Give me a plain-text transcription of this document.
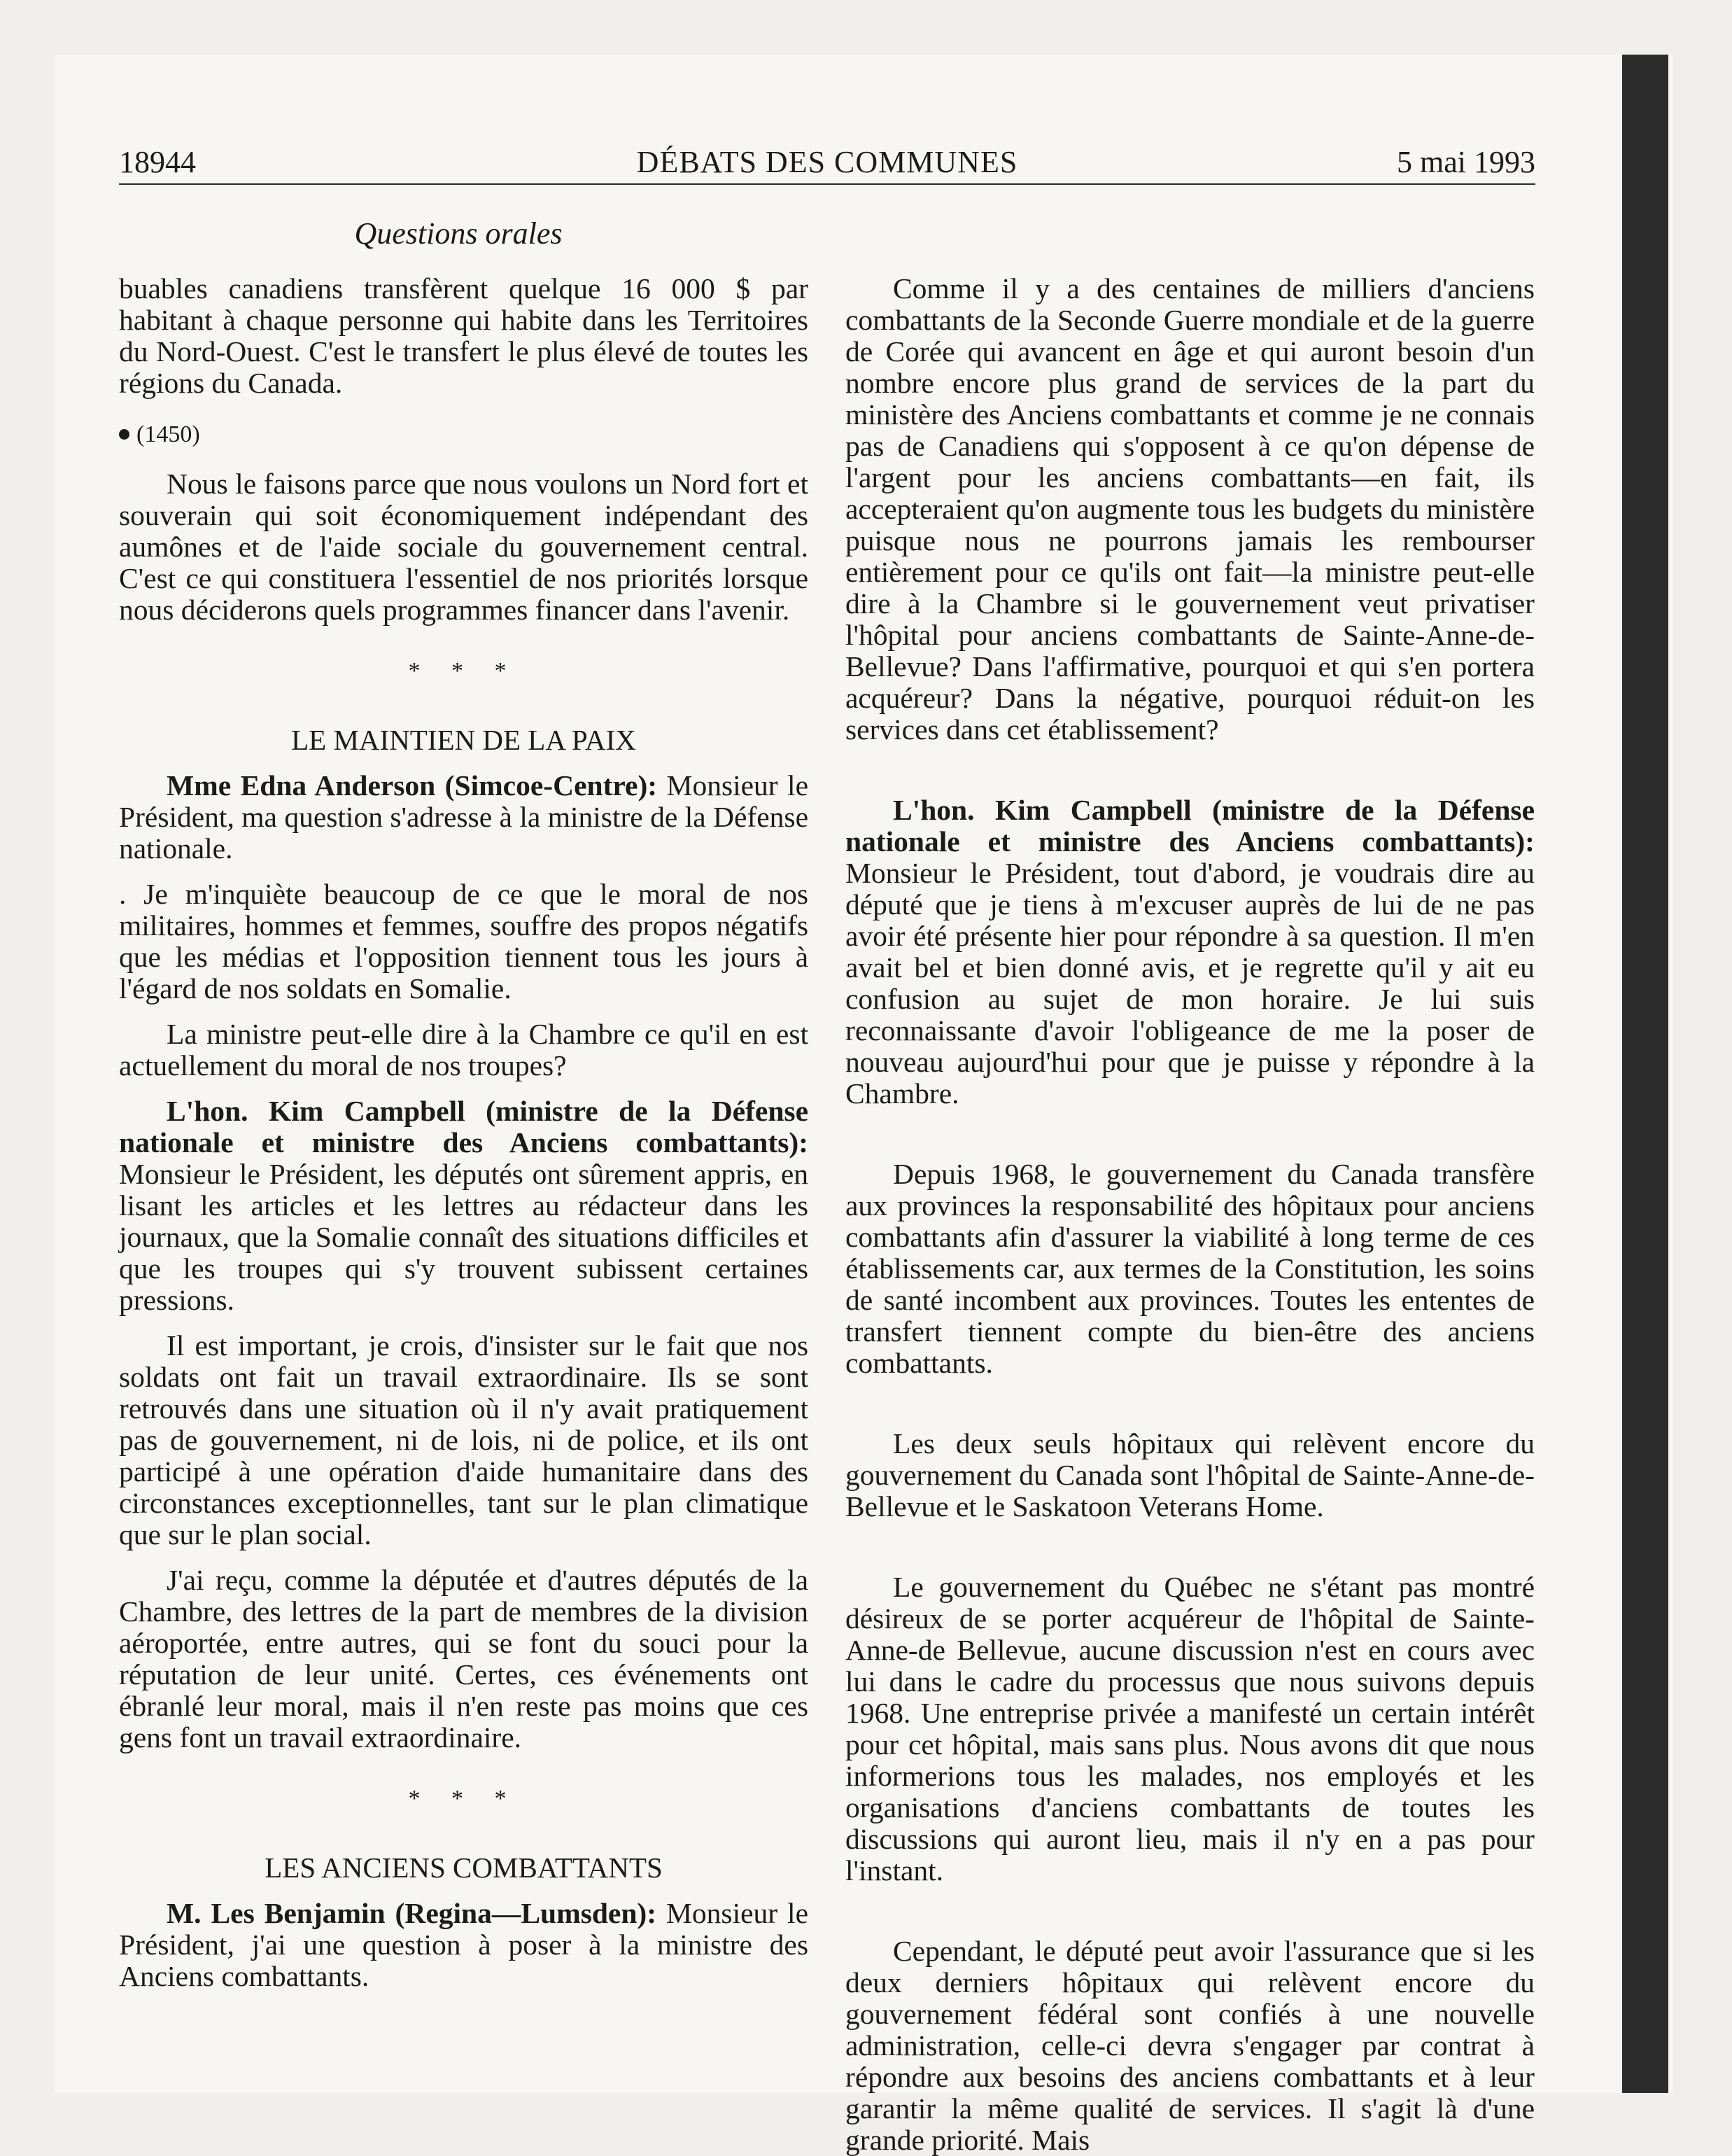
18944	DÉBATS DES COMMUNES	5 mai 1993
Questions orales

buables canadiens transfèrent quelque 16 000 $ par habitant à chaque personne qui habite dans les Territoires du Nord-Ouest. C'est le transfert le plus élevé de toutes les régions du Canada.

(1450)

Nous le faisons parce que nous voulons un Nord fort et souverain qui soit économiquement indépendant des aumônes et de l'aide sociale du gouvernement central. C'est ce qui constituera l'essentiel de nos priorités lorsque nous déciderons quels programmes financer dans l'avenir.

* * *
LE MAINTIEN DE LA PAIX

Mme Edna Anderson (Simcoe-Centre): Monsieur le Président, ma question s'adresse à la ministre de la Défense nationale.

. Je m'inquiète beaucoup de ce que le moral de nos militaires, hommes et femmes, souffre des propos négatifs que les médias et l'opposition tiennent tous les jours à l'égard de nos soldats en Somalie.

La ministre peut-elle dire à la Chambre ce qu'il en est actuellement du moral de nos troupes?

L'hon. Kim Campbell (ministre de la Défense nationale et ministre des Anciens combattants): Monsieur le Président, les députés ont sûrement appris, en lisant les articles et les lettres au rédacteur dans les journaux, que la Somalie connaît des situations difficiles et que les troupes qui s'y trouvent subissent certaines pressions.

Il est important, je crois, d'insister sur le fait que nos soldats ont fait un travail extraordinaire. Ils se sont retrouvés dans une situation où il n'y avait pratiquement pas de gouvernement, ni de lois, ni de police, et ils ont participé à une opération d'aide humanitaire dans des circonstances exceptionnelles, tant sur le plan climatique que sur le plan social.

J'ai reçu, comme la députée et d'autres députés de la Chambre, des lettres de la part de membres de la division aéroportée, entre autres, qui se font du souci pour la réputation de leur unité. Certes, ces événements ont ébranlé leur moral, mais il n'en reste pas moins que ces gens font un travail extraordinaire.

* * *
LES ANCIENS COMBATTANTS

M. Les Benjamin (Regina—Lumsden): Monsieur le Président, j'ai une question à poser à la ministre des Anciens combattants.

Comme il y a des centaines de milliers d'anciens combattants de la Seconde Guerre mondiale et de la guerre de Corée qui avancent en âge et qui auront besoin d'un nombre encore plus grand de services de la part du ministère des Anciens combattants et comme je ne connais pas de Canadiens qui s'opposent à ce qu'on dépense de l'argent pour les anciens combattants—en fait, ils accepteraient qu'on augmente tous les budgets du ministère puisque nous ne pourrons jamais les rembourser entièrement pour ce qu'ils ont fait—la ministre peut-elle dire à la Chambre si le gouvernement veut privatiser l'hôpital pour anciens combattants de Sainte-Anne-de-Bellevue? Dans l'affirmative, pourquoi et qui s'en portera acquéreur? Dans la négative, pourquoi réduit-on les services dans cet établissement?

L'hon. Kim Campbell (ministre de la Défense nationale et ministre des Anciens combattants): Monsieur le Président, tout d'abord, je voudrais dire au député que je tiens à m'excuser auprès de lui de ne pas avoir été présente hier pour répondre à sa question. Il m'en avait bel et bien donné avis, et je regrette qu'il y ait eu confusion au sujet de mon horaire. Je lui suis reconnaissante d'avoir l'obligeance de me la poser de nouveau aujourd'hui pour que je puisse y répondre à la Chambre.

Depuis 1968, le gouvernement du Canada transfère aux provinces la responsabilité des hôpitaux pour anciens combattants afin d'assurer la viabilité à long terme de ces établissements car, aux termes de la Constitution, les soins de santé incombent aux provinces. Toutes les ententes de transfert tiennent compte du bien-être des anciens combattants.

Les deux seuls hôpitaux qui relèvent encore du gouvernement du Canada sont l'hôpital de Sainte-Anne-de-Bellevue et le Saskatoon Veterans Home.

Le gouvernement du Québec ne s'étant pas montré désireux de se porter acquéreur de l'hôpital de Sainte-Anne-de Bellevue, aucune discussion n'est en cours avec lui dans le cadre du processus que nous suivons depuis 1968. Une entreprise privée a manifesté un certain intérêt pour cet hôpital, mais sans plus. Nous avons dit que nous informerions tous les malades, nos employés et les organisations d'anciens combattants de toutes les discussions qui auront lieu, mais il n'y en a pas pour l'instant.

Cependant, le député peut avoir l'assurance que si les deux derniers hôpitaux qui relèvent encore du gouvernement fédéral sont confiés à une nouvelle administration, celle-ci devra s'engager par contrat à répondre aux besoins des anciens combattants et à leur garantir la même qualité de services. Il s'agit là d'une grande priorité. Mais
